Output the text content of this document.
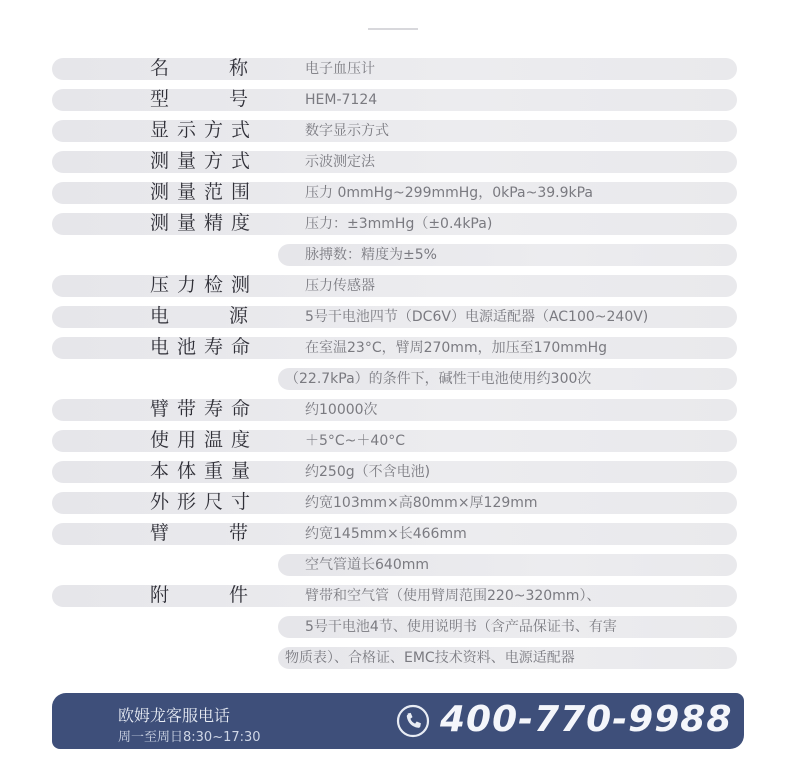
名	称	电子血压计
型	号	HEM-7124
显 示 方 式	数字显示方式
测 量 方 式	示波测定法
测 量 范 围	压力 0mmHg~299mmHg，0kPa~39.9kPa
测 量 精 度	压力：±3mmHg（±0.4kPa)
脉搏数：精度为±5%
压 力 检 测	压力传感器
电	源	5号干电池四节（DC6V）电源适配器（AC100~240V)
电 池 寿 命	在室温23°C，臂周270mm，加压至170mmHg
（22.7kPa）的条件下，碱性干电池使用约300次
臂 带 寿 命	约10000次
使 用 温 度	＋5°C~＋40°C
本 体 重 量	约250g（不含电池)
外 形 尺 寸	约宽103mm×高80mm×厚129mm
臂	带	约宽145mm×长466mm
空气管道长640mm
附	件	臂带和空气管（使用臂周范围220~320mm）、
5号干电池4节、使用说明书（含产品保证书、有害
物质表）、合格证、EMC技术资料、电源适配器
欧姆龙客服电话
周一至周日8:30~17:30	400-770-9988
